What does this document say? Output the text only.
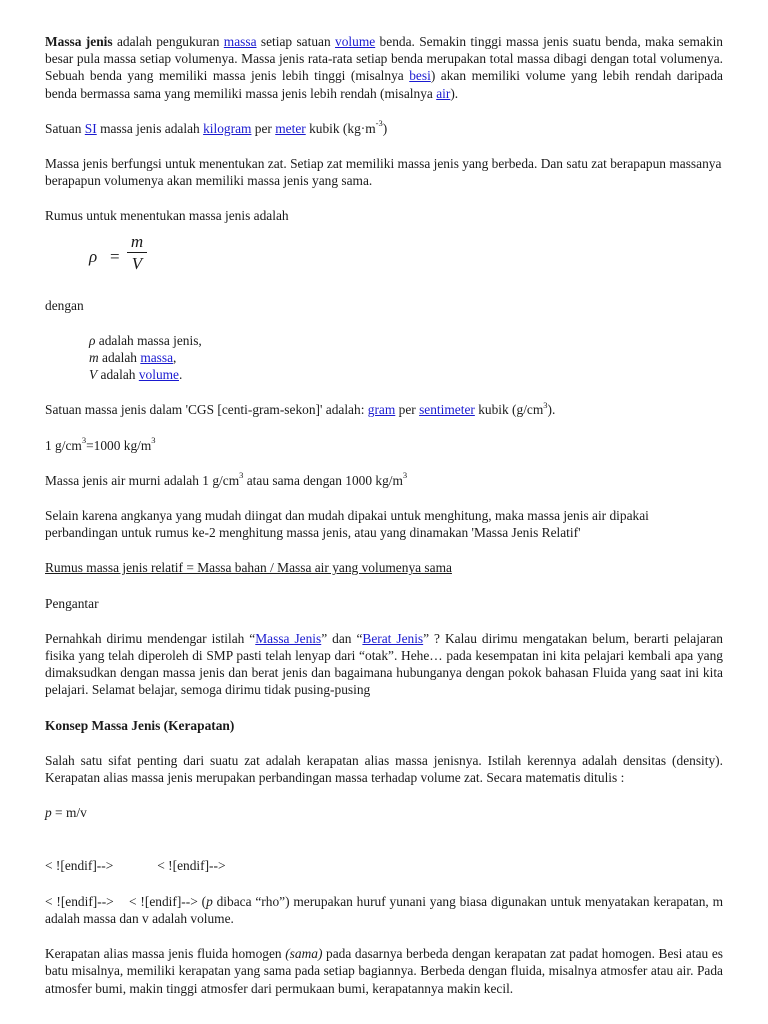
Massa jenis adalah pengukuran massa setiap satuan volume benda. Semakin tinggi massa jenis suatu benda, maka semakin besar pula massa setiap volumenya. Massa jenis rata-rata setiap benda merupakan total massa dibagi dengan total volumenya. Sebuah benda yang memiliki massa jenis lebih tinggi (misalnya besi) akan memiliki volume yang lebih rendah daripada benda bermassa sama yang memiliki massa jenis lebih rendah (misalnya air).

Satuan SI massa jenis adalah kilogram per meter kubik $(kg\cdot m^{-3})$

Massa jenis berfungsi untuk menentukan zat. Setiap zat memiliki massa jenis yang berbeda. Dan satu zat berapapun massanya berapapun volumenya akan memiliki massa jenis yang sama.

Rumus untuk menentukan massa jenis adalah

ρ =
m
V

dengan

ρ adalah massa jenis,

m adalah massa,

V adalah volume.

Satuan massa jenis dalam 'CGS [centi-gram-sekon]' adalah: gram per sentimeter kubik $(g/cm^3)$.

1 $g/cm^3=1000$ $kg/m^3$

Massa jenis air murni adalah 1 $g/cm^3$ atau sama dengan 1000 $kg/m^3$

Selain karena angkanya yang mudah diingat dan mudah dipakai untuk menghitung, maka massa jenis air dipakai perbandingan untuk rumus ke-2 menghitung massa jenis, atau yang dinamakan 'Massa Jenis Relatif'

Rumus massa jenis relatif = Massa bahan / Massa air yang volumenya sama

Pengantar

Pernahkah dirimu mendengar istilah “Massa Jenis” dan “Berat Jenis” ? Kalau dirimu mengatakan belum, berarti pelajaran fisika yang telah diperoleh di SMP pasti telah lenyap dari “otak”. Hehe… pada kesempatan ini kita pelajari kembali apa yang dimaksudkan dengan massa jenis dan berat jenis dan bagaimana hubunganya dengan pokok bahasan Fluida yang saat ini kita pelajari. Selamat belajar, semoga dirimu tidak pusing-pusing

Konsep Massa Jenis (Kerapatan)

Salah satu sifat penting dari suatu zat adalah kerapatan alias massa jenisnya. Istilah kerennya adalah densitas (density). Kerapatan alias massa jenis merupakan perbandingan massa terhadap volume zat. Secara matematis ditulis :

p = m/v

< ![endif]-->	< ![endif]-->

< ![endif]--> < ![endif]--> (p dibaca “rho”) merupakan huruf yunani yang biasa digunakan untuk menyatakan kerapatan, m adalah massa dan v adalah volume.

Kerapatan alias massa jenis fluida homogen (sama) pada dasarnya berbeda dengan kerapatan zat padat homogen. Besi atau es batu misalnya, memiliki kerapatan yang sama pada setiap bagiannya. Berbeda dengan fluida, misalnya atmosfer atau air. Pada atmosfer bumi, makin tinggi atmosfer dari permukaan bumi, kerapatannya makin kecil.
